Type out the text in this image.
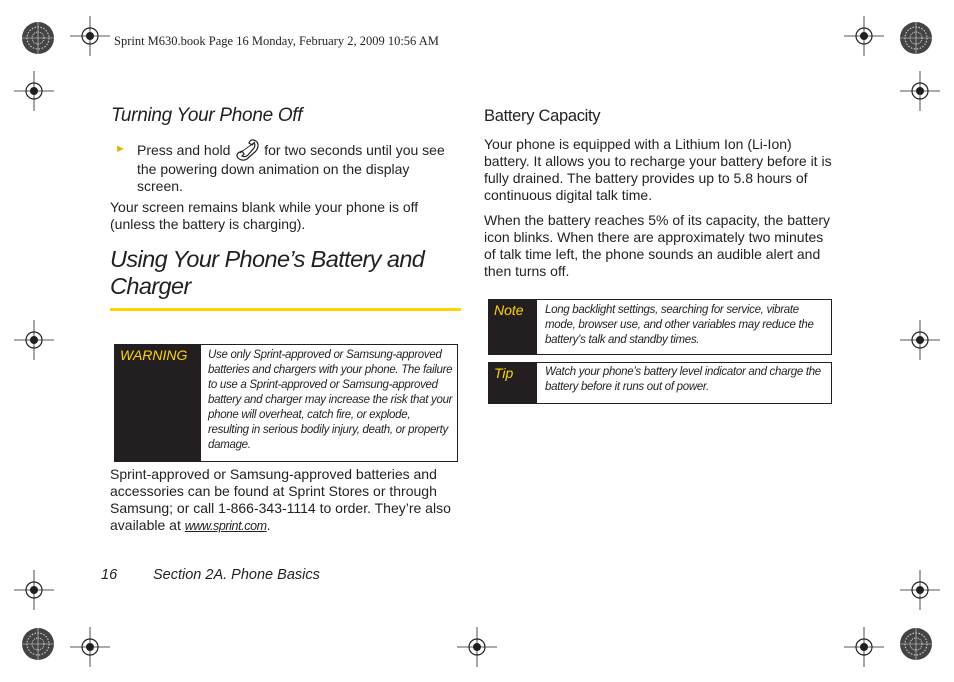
Sprint M630.book Page 16 Monday, February 2, 2009 10:56 AM
Turning Your Phone Off
► Press and hold for two seconds until you see the powering down animation on the display screen.
Your screen remains blank while your phone is off (unless the battery is charging).
Using Your Phone’s Battery and Charger
WARNING Use only Sprint-approved or Samsung-approved batteries and chargers with your phone. The failure to use a Sprint-approved or Samsung-approved battery and charger may increase the risk that your phone will overheat, catch fire, or explode, resulting in serious bodily injury, death, or property damage.
Sprint-approved or Samsung-approved batteries and accessories can be found at Sprint Stores or through Samsung; or call 1-866-343-1114 to order. They’re also available at www.sprint.com.
16 Section 2A. Phone Basics
Battery Capacity
Your phone is equipped with a Lithium Ion (Li-Ion) battery. It allows you to recharge your battery before it is fully drained. The battery provides up to 5.8 hours of continuous digital talk time.
When the battery reaches 5% of its capacity, the battery icon blinks. When there are approximately two minutes of talk time left, the phone sounds an audible alert and then turns off.
Note Long backlight settings, searching for service, vibrate mode, browser use, and other variables may reduce the battery’s talk and standby times.
Tip	Watch your phone’s battery level indicator and charge the battery before it runs out of power.
